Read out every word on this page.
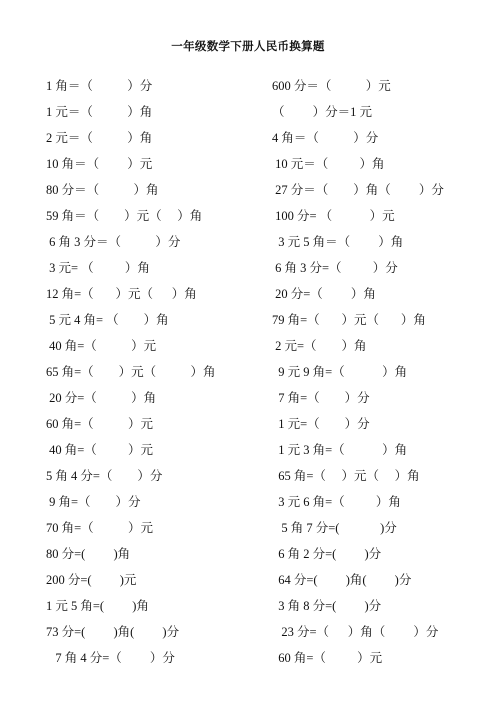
一年级数学下册人民币换算题
1 角＝（           ）分
1 元＝（           ）角
2 元＝（           ）角
10 角＝（         ）元
80 分＝（           ）角
59 角＝（        ）元（     ）角
6 角 3 分＝（           ）分
3 元= （          ）角
12 角=（       ）元（      ）角
5 元 4 角= （        ）角
40 角=（           ）元
65 角=（        ）元（           ）角
20 分=（           ）角
60 角=（           ）元
40 角=（          ）元
5 角 4 分=（        ）分
9 角=（        ）分
70 角=（           ）元
80 分=(         )角
200 分=(         )元
1 元 5 角=(         )角
73 分=(         )角(         )分
7 角 4 分=（         ）分
600 分＝（           ）元
（         ）分＝1 元
4 角＝（           ）分
10 元＝（          ）角
27 分＝（        ）角（         ）分
100 分= （            ）元
3 元 5 角＝（         ）角
6 角 3 分=（          ）分
20 分=（         ）角
79 角=（       ）元（       ）角
2 元=（        ）角
9 元 9 角=（            ）角
7 角=（        ）分
1 元=（        ）分
1 元 3 角=（            ）角
65 角=（     ）元（     ）角
3 元 6 角=（          ）角
5 角 7 分=(             )分
6 角 2 分=(         )分
64 分=(         )角(         )分
3 角 8 分=(         )分
23 分=（      ）角（         ）分
60 角=（          ）元
